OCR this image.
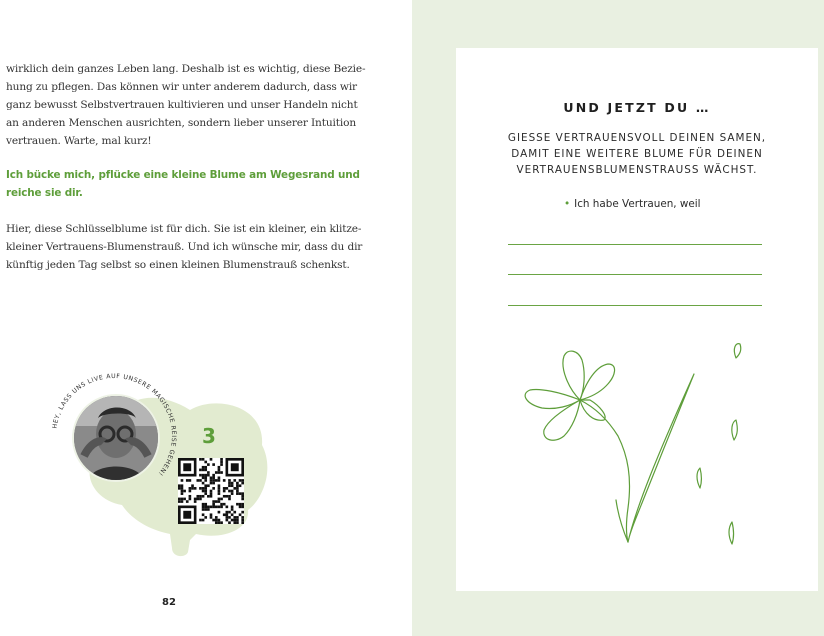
wirklich dein ganzes Leben lang. Deshalb ist es wichtig, diese Bezie-
hung zu pflegen. Das können wir unter anderem dadurch, dass wir
ganz bewusst Selbstvertrauen kultivieren und unser Handeln nicht
an anderen Menschen ausrichten, sondern lieber unserer Intuition
vertrauen. Warte, mal kurz!
Ich bücke mich, pflücke eine kleine Blume am Wegesrand und
reiche sie dir.
Hier, diese Schlüsselblume ist für dich. Sie ist ein kleiner, ein klitze-
kleiner Vertrauens-Blumenstrauß. Und ich wünsche mir, dass du dir
künftig jeden Tag selbst so einen kleinen Blumenstrauß schenkst.
HEY, LASS UNS LIVE AUF UNSERE MAGISCHE REISE GEHEN!
3
82
UND JETZT DU …
GIESSE VERTRAUENSVOLL DEINEN SAMEN,
DAMIT EINE WEITERE BLUME FÜR DEINEN
VERTRAUENSBLUMENSTRAUSS WÄCHST.
• Ich habe Vertrauen, weil
